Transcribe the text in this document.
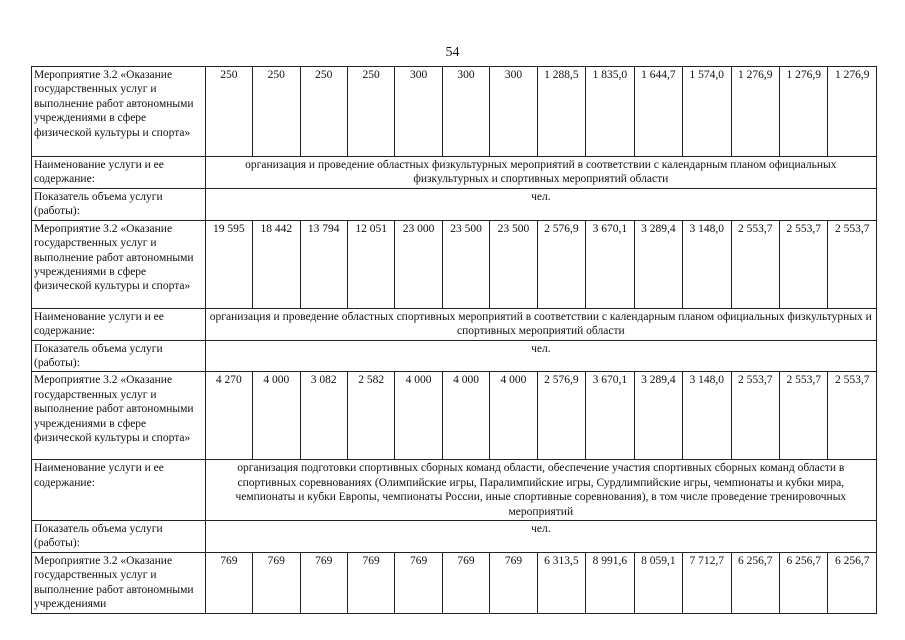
54
Мероприятие 3.2 «Оказание государственных услуг и выполнение работ автономными учреждениями в сфере физической культуры и спорта»	250	250	250	250	300	300	300	1 288,5	1 835,0	1 644,7	1 574,0	1 276,9	1 276,9	1 276,9
Наименование услуги и ее содержание:	организация и проведение областных физкультурных мероприятий в соответствии с календарным планом официальных физкультурных и спортивных мероприятий области													
Показатель объема услуги (работы):	чел.													
Мероприятие 3.2 «Оказание государственных услуг и выполнение работ автономными учреждениями в сфере физической культуры и спорта»	19 595	18 442	13 794	12 051	23 000	23 500	23 500	2 576,9	3 670,1	3 289,4	3 148,0	2 553,7	2 553,7	2 553,7
Наименование услуги и ее содержание:	организация и проведение областных спортивных мероприятий в соответствии с календарным планом официальных физкультурных и спортивных мероприятий области													
Показатель объема услуги (работы):	чел.													
Мероприятие 3.2 «Оказание государственных услуг и выполнение работ автономными учреждениями в сфере физической культуры и спорта»	4 270	4 000	3 082	2 582	4 000	4 000	4 000	2 576,9	3 670,1	3 289,4	3 148,0	2 553,7	2 553,7	2 553,7
Наименование услуги и ее содержание:	организация подготовки спортивных сборных команд области, обеспечение участия спортивных сборных команд области в спортивных соревнованиях (Олимпийские игры, Паралимпийские игры, Сурдлимпийские игры, чемпионаты и кубки мира, чемпионаты и кубки Европы, чемпионаты России, иные спортивные соревнования), в том числе проведение тренировочных мероприятий													
Показатель объема услуги (работы):	чел.													
Мероприятие 3.2 «Оказание государственных услуг и выполнение работ автономными учреждениями	769	769	769	769	769	769	769	6 313,5	8 991,6	8 059,1	7 712,7	6 256,7	6 256,7	6 256,7
